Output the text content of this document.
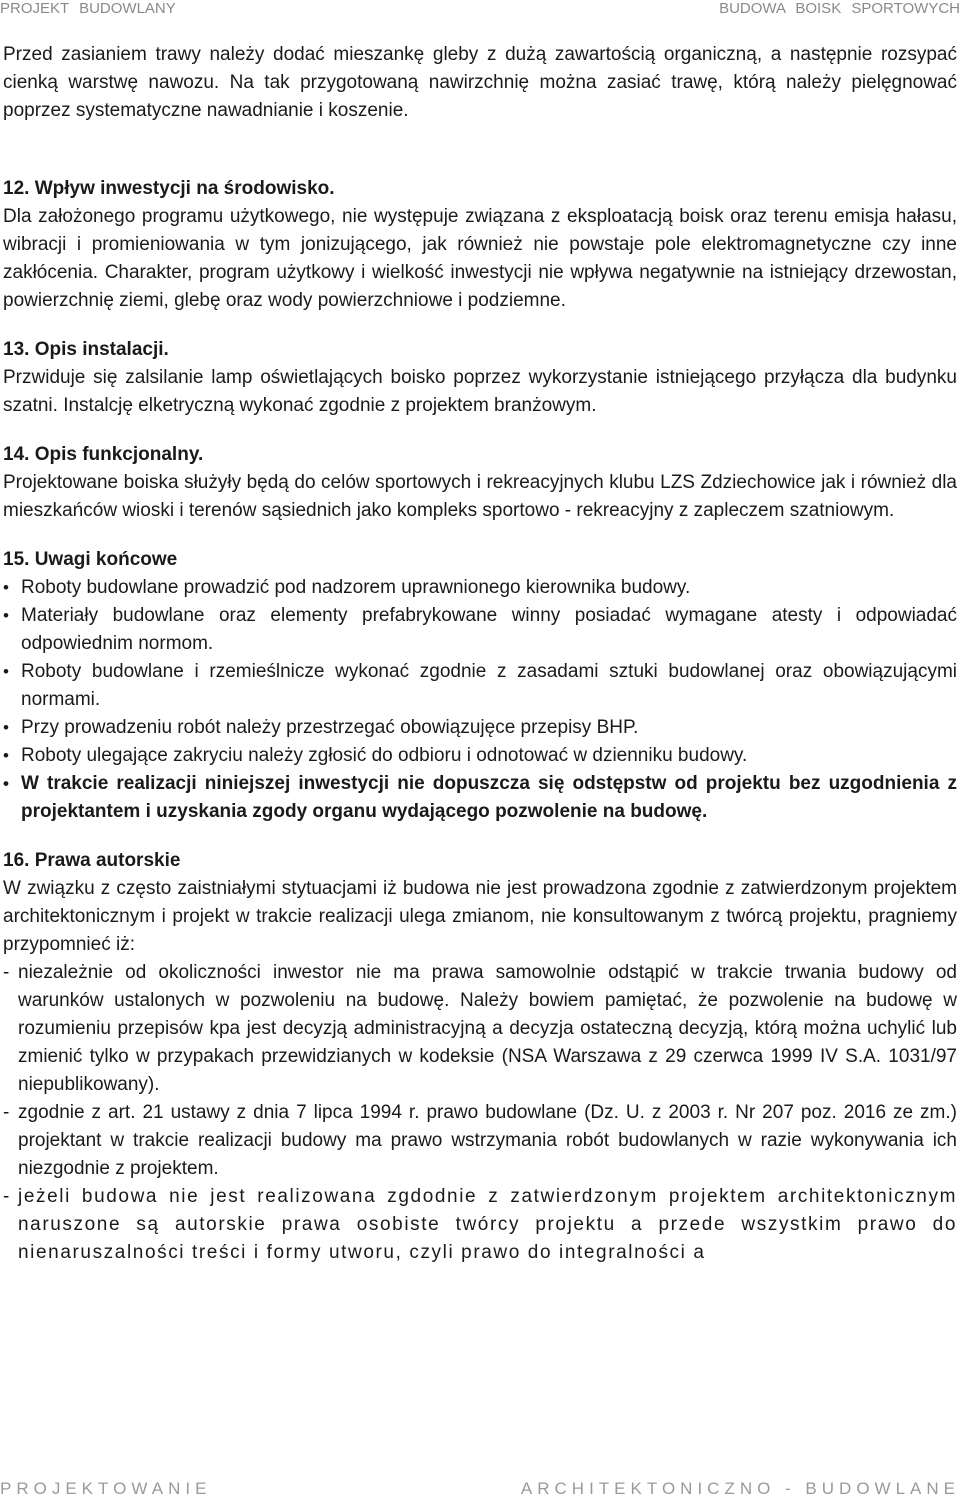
PROJEKT BUDOWLANY	BUDOWA BOISK SPORTOWYCH

Przed zasianiem trawy należy dodać mieszankę gleby z dużą zawartością organiczną, a następnie rozsypać cienką warstwę nawozu. Na tak przygotowaną nawirzchnię można zasiać trawę, którą należy pielęgnować poprzez systematyczne nawadnianie i koszenie.

12. Wpływ inwestycji na środowisko.

Dla założonego programu użytkowego, nie występuje związana z eksploatacją boisk oraz terenu emisja hałasu, wibracji i promieniowania w tym jonizującego, jak również nie powstaje pole elektromagnetyczne czy inne zakłócenia. Charakter, program użytkowy i wielkość inwestycji nie wpływa negatywnie na istniejący drzewostan, powierzchnię ziemi, glebę oraz wody powierzchniowe i podziemne.

13. Opis instalacji.

Przwiduje się zalsilanie lamp oświetlających boisko poprzez wykorzystanie istniejącego przyłącza dla budynku szatni. Instalcję elketryczną wykonać zgodnie z projektem branżowym.

14. Opis funkcjonalny.

Projektowane boiska służyły będą do celów sportowych i rekreacyjnych klubu LZS Zdziechowice jak i również dla mieszkańców wioski i terenów sąsiednich jako kompleks sportowo - rekreacyjny z zapleczem szatniowym.

15. Uwagi końcowe

• Roboty budowlane prowadzić pod nadzorem uprawnionego kierownika budowy.
• Materiały budowlane oraz elementy prefabrykowane winny posiadać wymagane atesty i odpowiadać odpowiednim normom.
• Roboty budowlane i rzemieślnicze wykonać zgodnie z zasadami sztuki budowlanej oraz obowiązującymi normami.
• Przy prowadzeniu robót należy przestrzegać obowiązujęce przepisy BHP.
• Roboty ulegające zakryciu należy zgłosić do odbioru i odnotować w dzienniku budowy.
• W trakcie realizacji niniejszej inwestycji nie dopuszcza się odstępstw od projektu bez uzgodnienia z projektantem i uzyskania zgody organu wydającego pozwolenie na budowę.

16. Prawa autorskie

W związku z często zaistniałymi stytuacjami iż budowa nie jest prowadzona zgodnie z zatwierdzonym projektem architektonicznym i projekt w trakcie realizacji ulega zmianom, nie konsultowanym z twórcą projektu, pragniemy przypomnieć iż:

- niezależnie od okoliczności inwestor nie ma prawa samowolnie odstąpić w trakcie trwania budowy od warunków ustalonych w pozwoleniu na budowę. Należy bowiem pamiętać, że pozwolenie na budowę w rozumieniu przepisów kpa jest decyzją administracyjną a decyzja ostateczną decyzją, którą można uchylić lub zmienić tylko w przypakach przewidzianych w kodeksie (NSA Warszawa z 29 czerwca 1999 IV S.A. 1031/97 niepublikowany).
- zgodnie z art. 21 ustawy z dnia 7 lipca 1994 r. prawo budowlane (Dz. U. z 2003 r. Nr 207 poz. 2016 ze zm.) projektant w trakcie realizacji budowy ma prawo wstrzymania robót budowlanych w razie wykonywania ich niezgodnie z projektem.
- jeżeli budowa nie jest realizowana zgdodnie z zatwierdzonym projektem architektonicznym naruszone są autorskie prawa osobiste twórcy projektu a przede wszystkim prawo do nienaruszalności treści i formy utworu, czyli prawo do integralności a
PROJEKTOWANIE	ARCHITEKTONICZNO - BUDOWLANE
